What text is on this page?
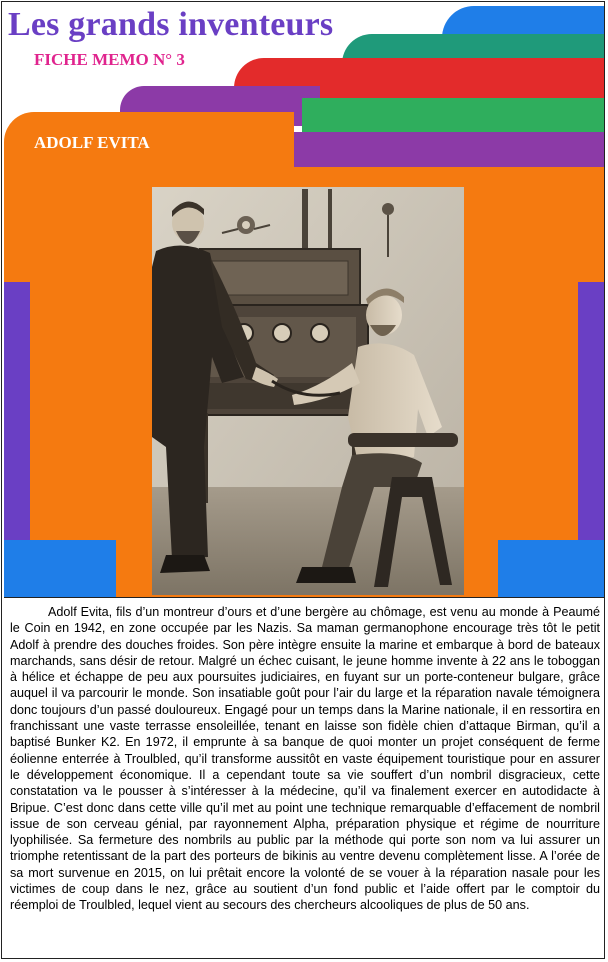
Les grands inventeurs
FICHE MEMO N° 3
ADOLF EVITA

Adolf Evita, fils d’un montreur d’ours et d’une bergère au chômage, est venu au monde à Peaumé le Coin en 1942, en zone occupée par les Nazis. Sa maman germanophone encourage très tôt le petit Adolf à prendre des douches froides. Son père intègre ensuite la marine et embarque à bord de bateaux marchands, sans désir de retour. Malgré un échec cuisant, le jeune homme invente à 22 ans le toboggan à hélice et échappe de peu aux poursuites judiciaires, en fuyant sur un porte-conteneur bulgare, grâce auquel il va parcourir le monde. Son insatiable goût pour l’air du large et la réparation navale témoignera donc toujours d’un passé douloureux. Engagé pour un temps dans la Marine nationale, il en ressortira en franchissant une vaste terrasse ensoleillée, tenant en laisse son fidèle chien d’attaque Birman, qu’il a baptisé Bunker K2. En 1972, il emprunte à sa banque de quoi monter un projet conséquent de ferme éolienne enterrée à Troulbled, qu’il transforme aussitôt en vaste équipement touristique pour en assurer le développement économique. Il a cependant toute sa vie souffert d’un nombril disgracieux, cette constatation va le pousser à s’intéresser à la médecine, qu’il va finalement exercer en autodidacte à Bripue. C’est donc dans cette ville qu’il met au point une technique remarquable d’effacement de nombril issue de son cerveau génial, par rayonnement Alpha, préparation physique et régime de nourriture lyophilisée. Sa fermeture des nombrils au public par la méthode qui porte son nom va lui assurer un triomphe retentissant de la part des porteurs de bikinis au ventre devenu complètement lisse. A l’orée de sa mort survenue en 2015, on lui prêtait encore la volonté de se vouer à la réparation nasale pour les victimes de coup dans le nez, grâce au soutient d’un fond public et l’aide offert par le comptoir du réemploi de Troulbled, lequel vient au secours des chercheurs alcooliques de plus de 50 ans.
